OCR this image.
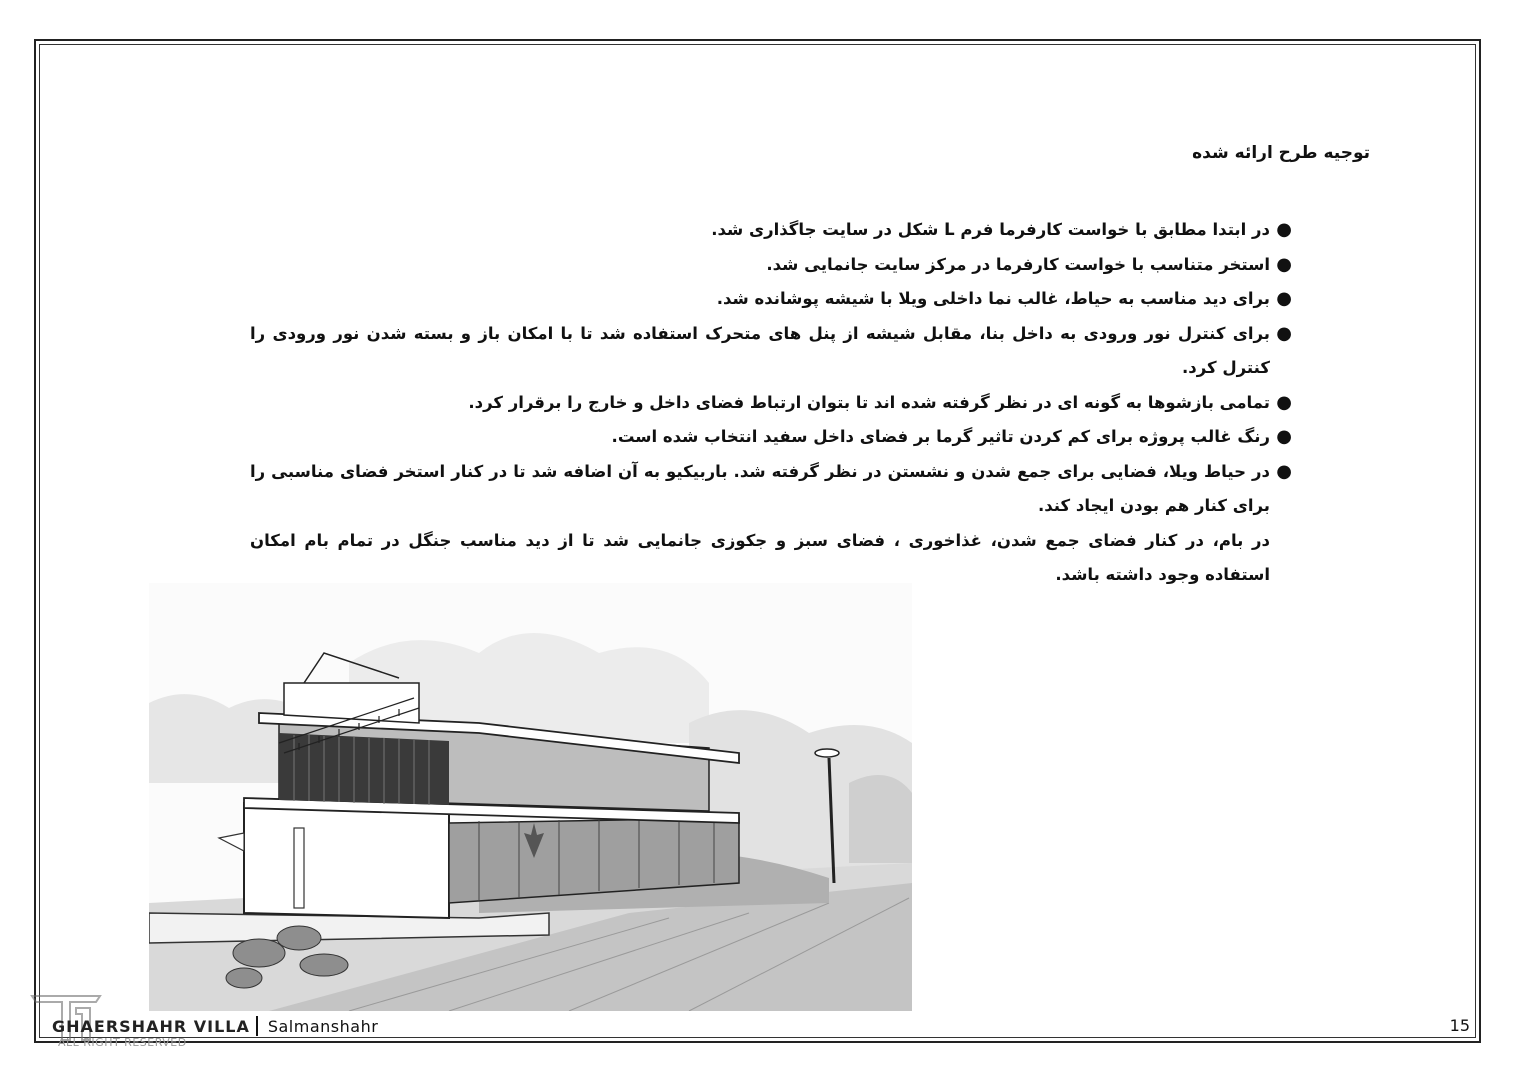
توجیه طرح ارائه شده
●
در ابتدا مطابق با خواست کارفرما فرم L شکل در سایت جاگذاری شد.
●
استخر متناسب با خواست کارفرما در مرکز سایت جانمایی شد.
●
برای دید مناسب به حیاط، غالب نما داخلی ویلا با شیشه پوشانده شد.
●
برای کنترل نور ورودی به داخل بنا، مقابل شیشه از پنل های متحرک استفاده شد تا با امکان باز و بسته شدن نور ورودی را کنترل کرد.
●
تمامی بازشوها به گونه ای در نظر گرفته شده اند تا بتوان ارتباط فضای داخل و خارج را برقرار کرد.
●
رنگ غالب پروژه برای کم کردن تاثیر گرما بر فضای داخل سفید انتخاب شده است.
●
در حیاط ویلا، فضایی برای جمع شدن و نشستن در نظر گرفته شد. باربیکیو به آن اضافه شد تا در کنار استخر فضای مناسبی را برای کنار هم بودن ایجاد کند.

در بام، در کنار فضای جمع شدن، غذاخوری ، فضای سبز و جکوزی جانمایی شد تا از دید مناسب جنگل در تمام بام امکان استفاده وجود داشته باشد.

ALL RIGHT RESERVED
GHAERSHAHR VILLA Salmanshahr	15
